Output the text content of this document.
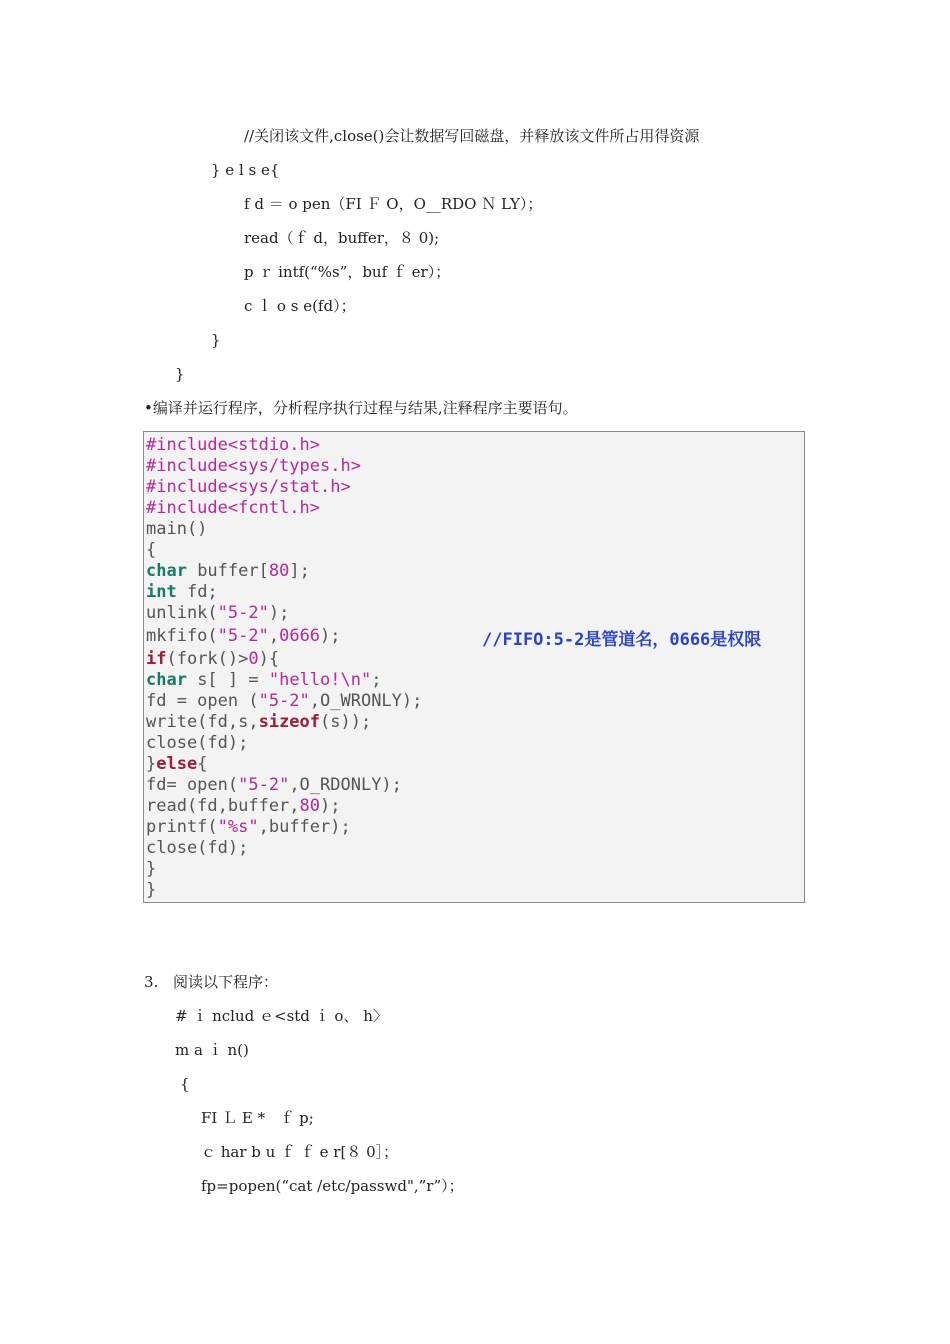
//关闭该文件,close()会让数据写回磁盘，并释放该文件所占用得资源
} e l s e{
f d ＝ o pen（FI Ｆ O，O__RDO Ｎ LY）；
read（ｆ d，buffer，８ 0);
p ｒ intf(“%s”，buf ｆ er）；
c ｌ o s e(fd）；
}
}
•编译并运行程序，分析程序执行过程与结果,注释程序主要语句。
#include<stdio.h>
#include<sys/types.h>
#include<sys/stat.h>
#include<fcntl.h>
main()
{
char buffer[80];
int fd;
unlink("5-2");
mkfifo("5-2",0666);	//FIFO:5-2是管道名，0666是权限
if(fork()>0){
char s[ ] = "hello!\n";
fd = open ("5-2",O_WRONLY);
write(fd,s,sizeof(s));
close(fd);
}else{
fd= open("5-2",O_RDONLY);
read(fd,buffer,80);
printf("%s",buffer);
close(fd);
}
}
3. 阅读以下程序：
# ｉ nclud ｅ<std ｉ o、 h〉
m a ｉ n()
{
FI Ｌ E *   ｆ p;
ｃ har b u ｆ ｆ e r[８ 0］；
fp=popen(“cat /etc/passwd",”r”）；
